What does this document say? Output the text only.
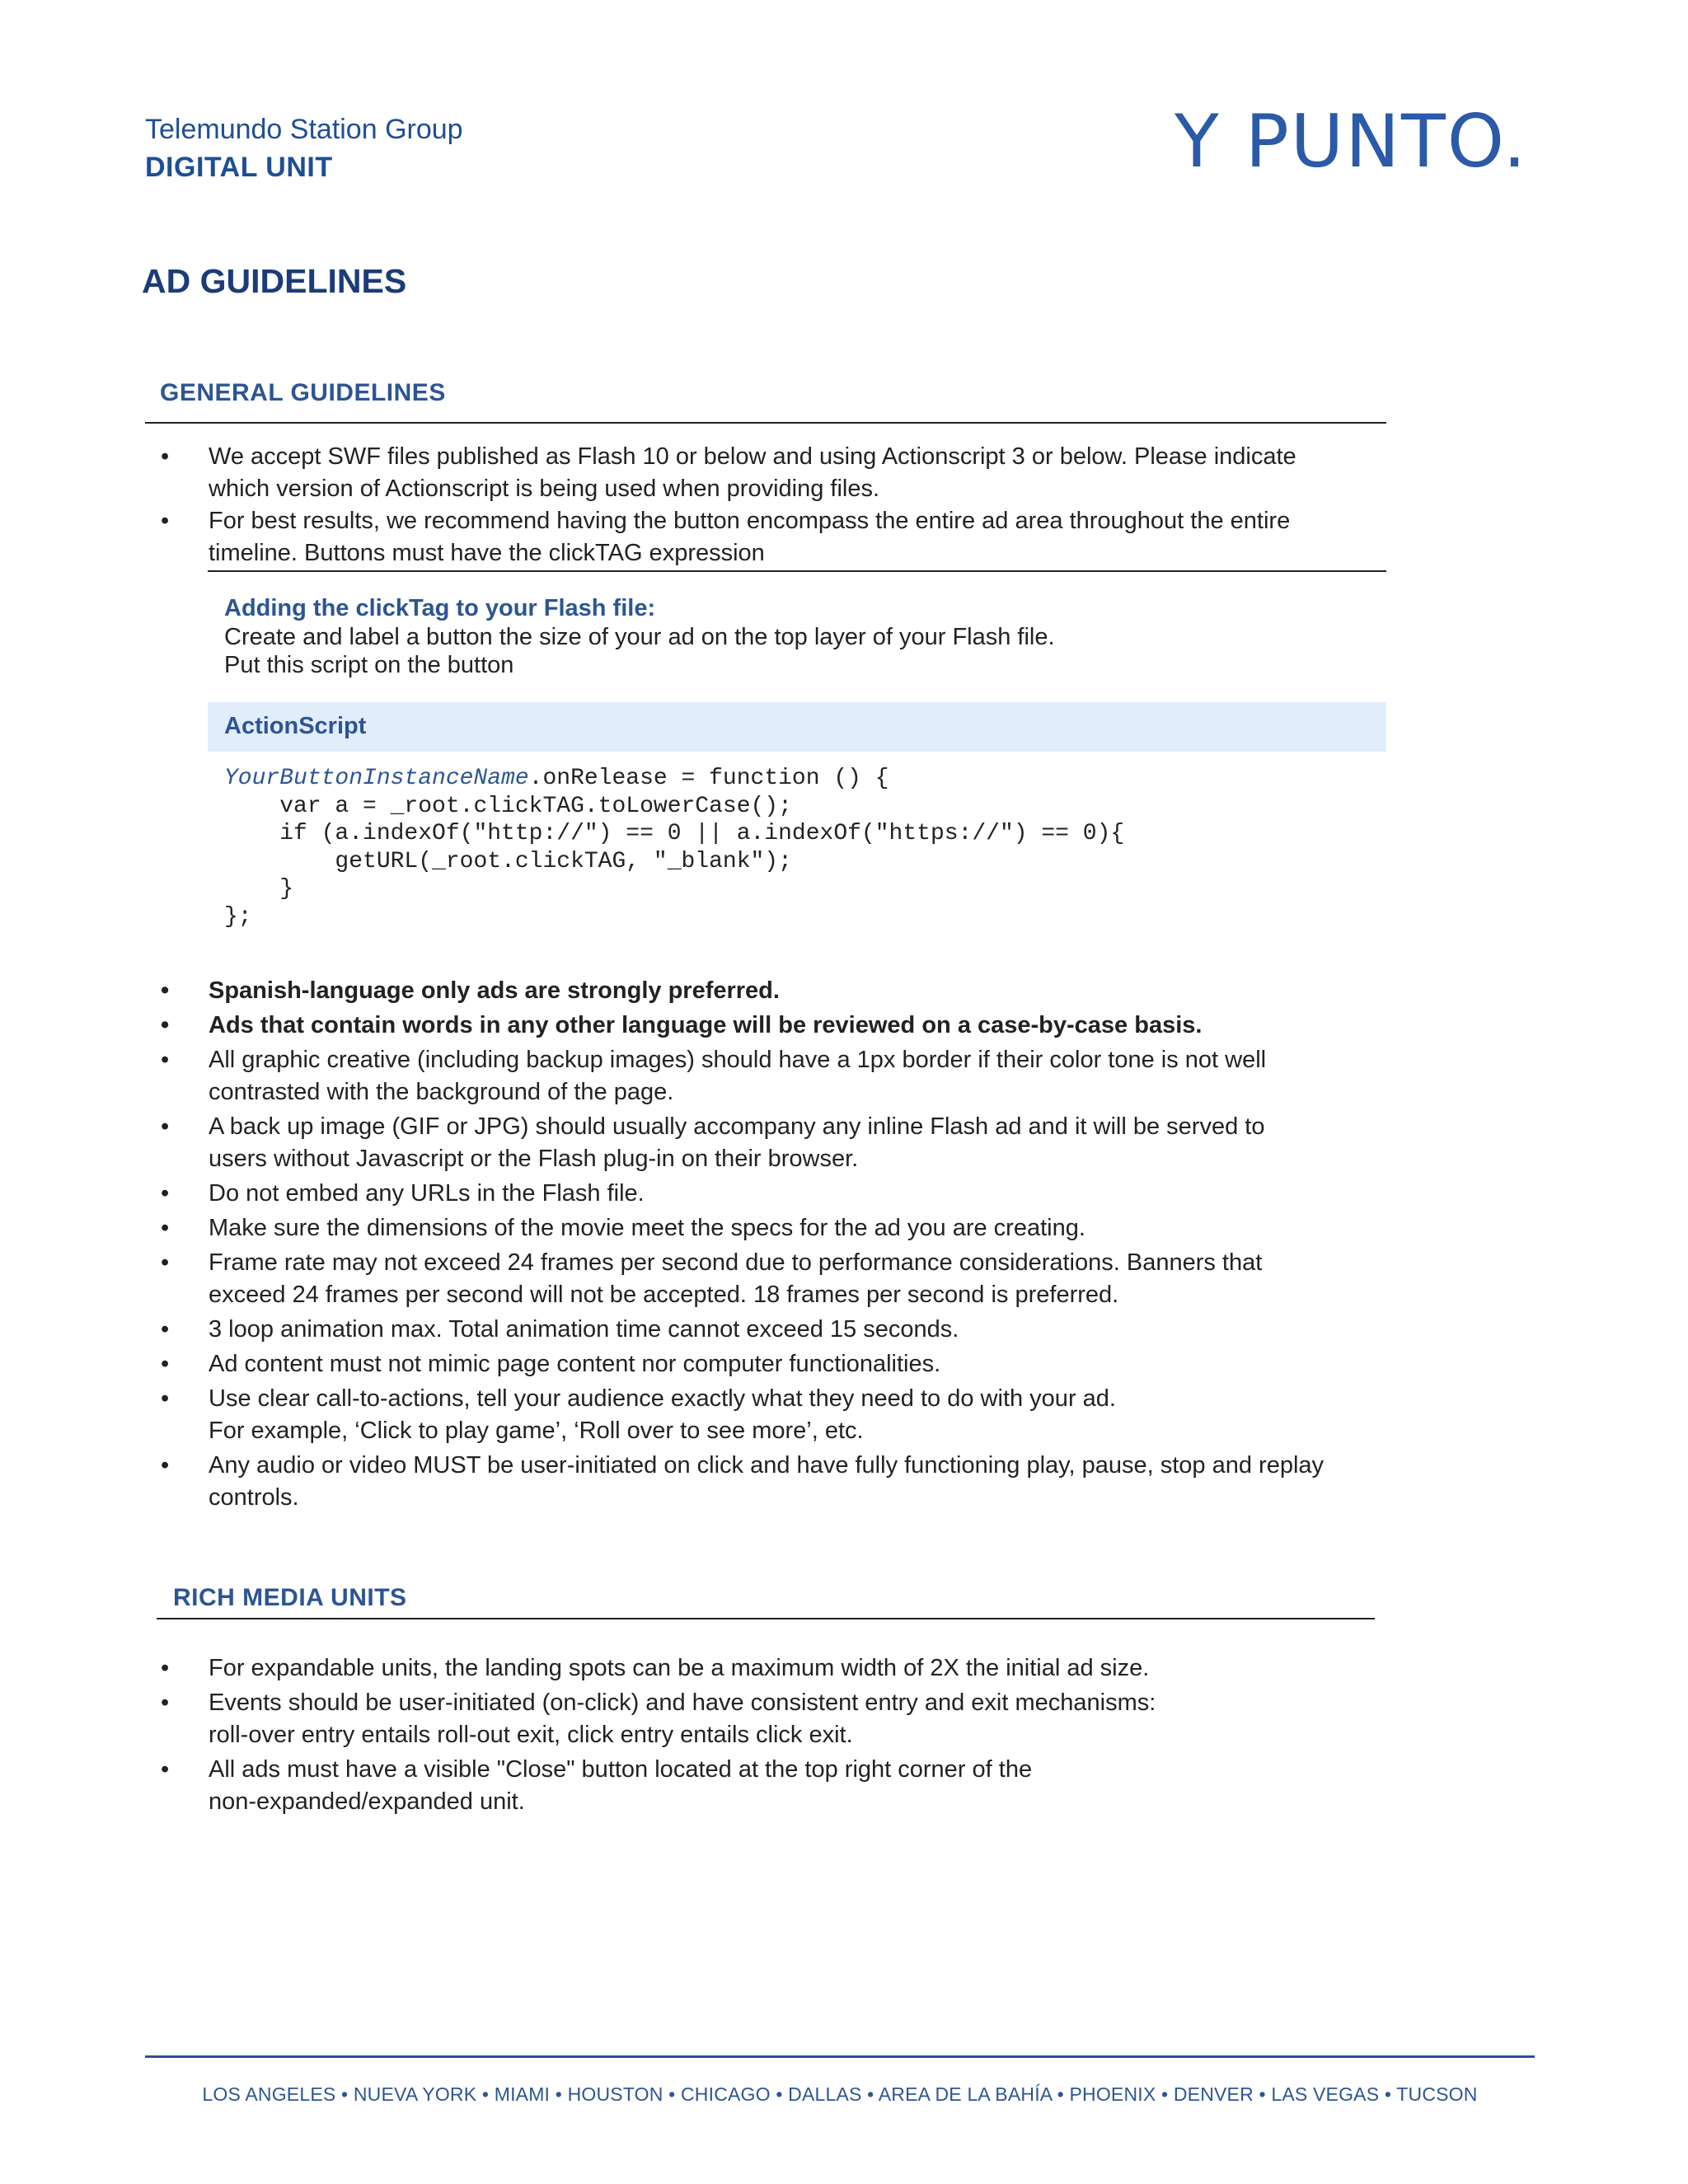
Telemundo Station Group
DIGITAL UNIT	Y PUNTO.
AD GUIDELINES
GENERAL GUIDELINES
• We accept SWF files published as Flash 10 or below and using Actionscript 3 or below. Please indicate
which version of Actionscript is being used when providing files.
• For best results, we recommend having the button encompass the entire ad area throughout the entire
timeline. Buttons must have the clickTAG expression
Adding the clickTag to your Flash file:
Create and label a button the size of your ad on the top layer of your Flash file.
Put this script on the button
ActionScript
YourButtonInstanceName.onRelease = function () {
var a = _root.clickTAG.toLowerCase();
if (a.indexOf("http://") == 0 || a.indexOf("https://") == 0){
getURL(_root.clickTAG, "_blank");
}
};
• Spanish-language only ads are strongly preferred.
• Ads that contain words in any other language will be reviewed on a case-by-case basis.
• All graphic creative (including backup images) should have a 1px border if their color tone is not well
contrasted with the background of the page.
• A back up image (GIF or JPG) should usually accompany any inline Flash ad and it will be served to
users without Javascript or the Flash plug-in on their browser.
• Do not embed any URLs in the Flash file.
• Make sure the dimensions of the movie meet the specs for the ad you are creating.
• Frame rate may not exceed 24 frames per second due to performance considerations. Banners that
exceed 24 frames per second will not be accepted. 18 frames per second is preferred.
• 3 loop animation max. Total animation time cannot exceed 15 seconds.
• Ad content must not mimic page content nor computer functionalities.
• Use clear call-to-actions, tell your audience exactly what they need to do with your ad.
For example, ‘Click to play game’, ‘Roll over to see more’, etc.
• Any audio or video MUST be user-initiated on click and have fully functioning play, pause, stop and replay
controls.
RICH MEDIA UNITS
• For expandable units, the landing spots can be a maximum width of 2X the initial ad size.
• Events should be user-initiated (on-click) and have consistent entry and exit mechanisms:
roll-over entry entails roll-out exit, click entry entails click exit.
• All ads must have a visible "Close" button located at the top right corner of the
non-expanded/expanded unit.
LOS ANGELES • NUEVA YORK • MIAMI • HOUSTON • CHICAGO • DALLAS • AREA DE LA BAHÍA • PHOENIX • DENVER • LAS VEGAS • TUCSON
